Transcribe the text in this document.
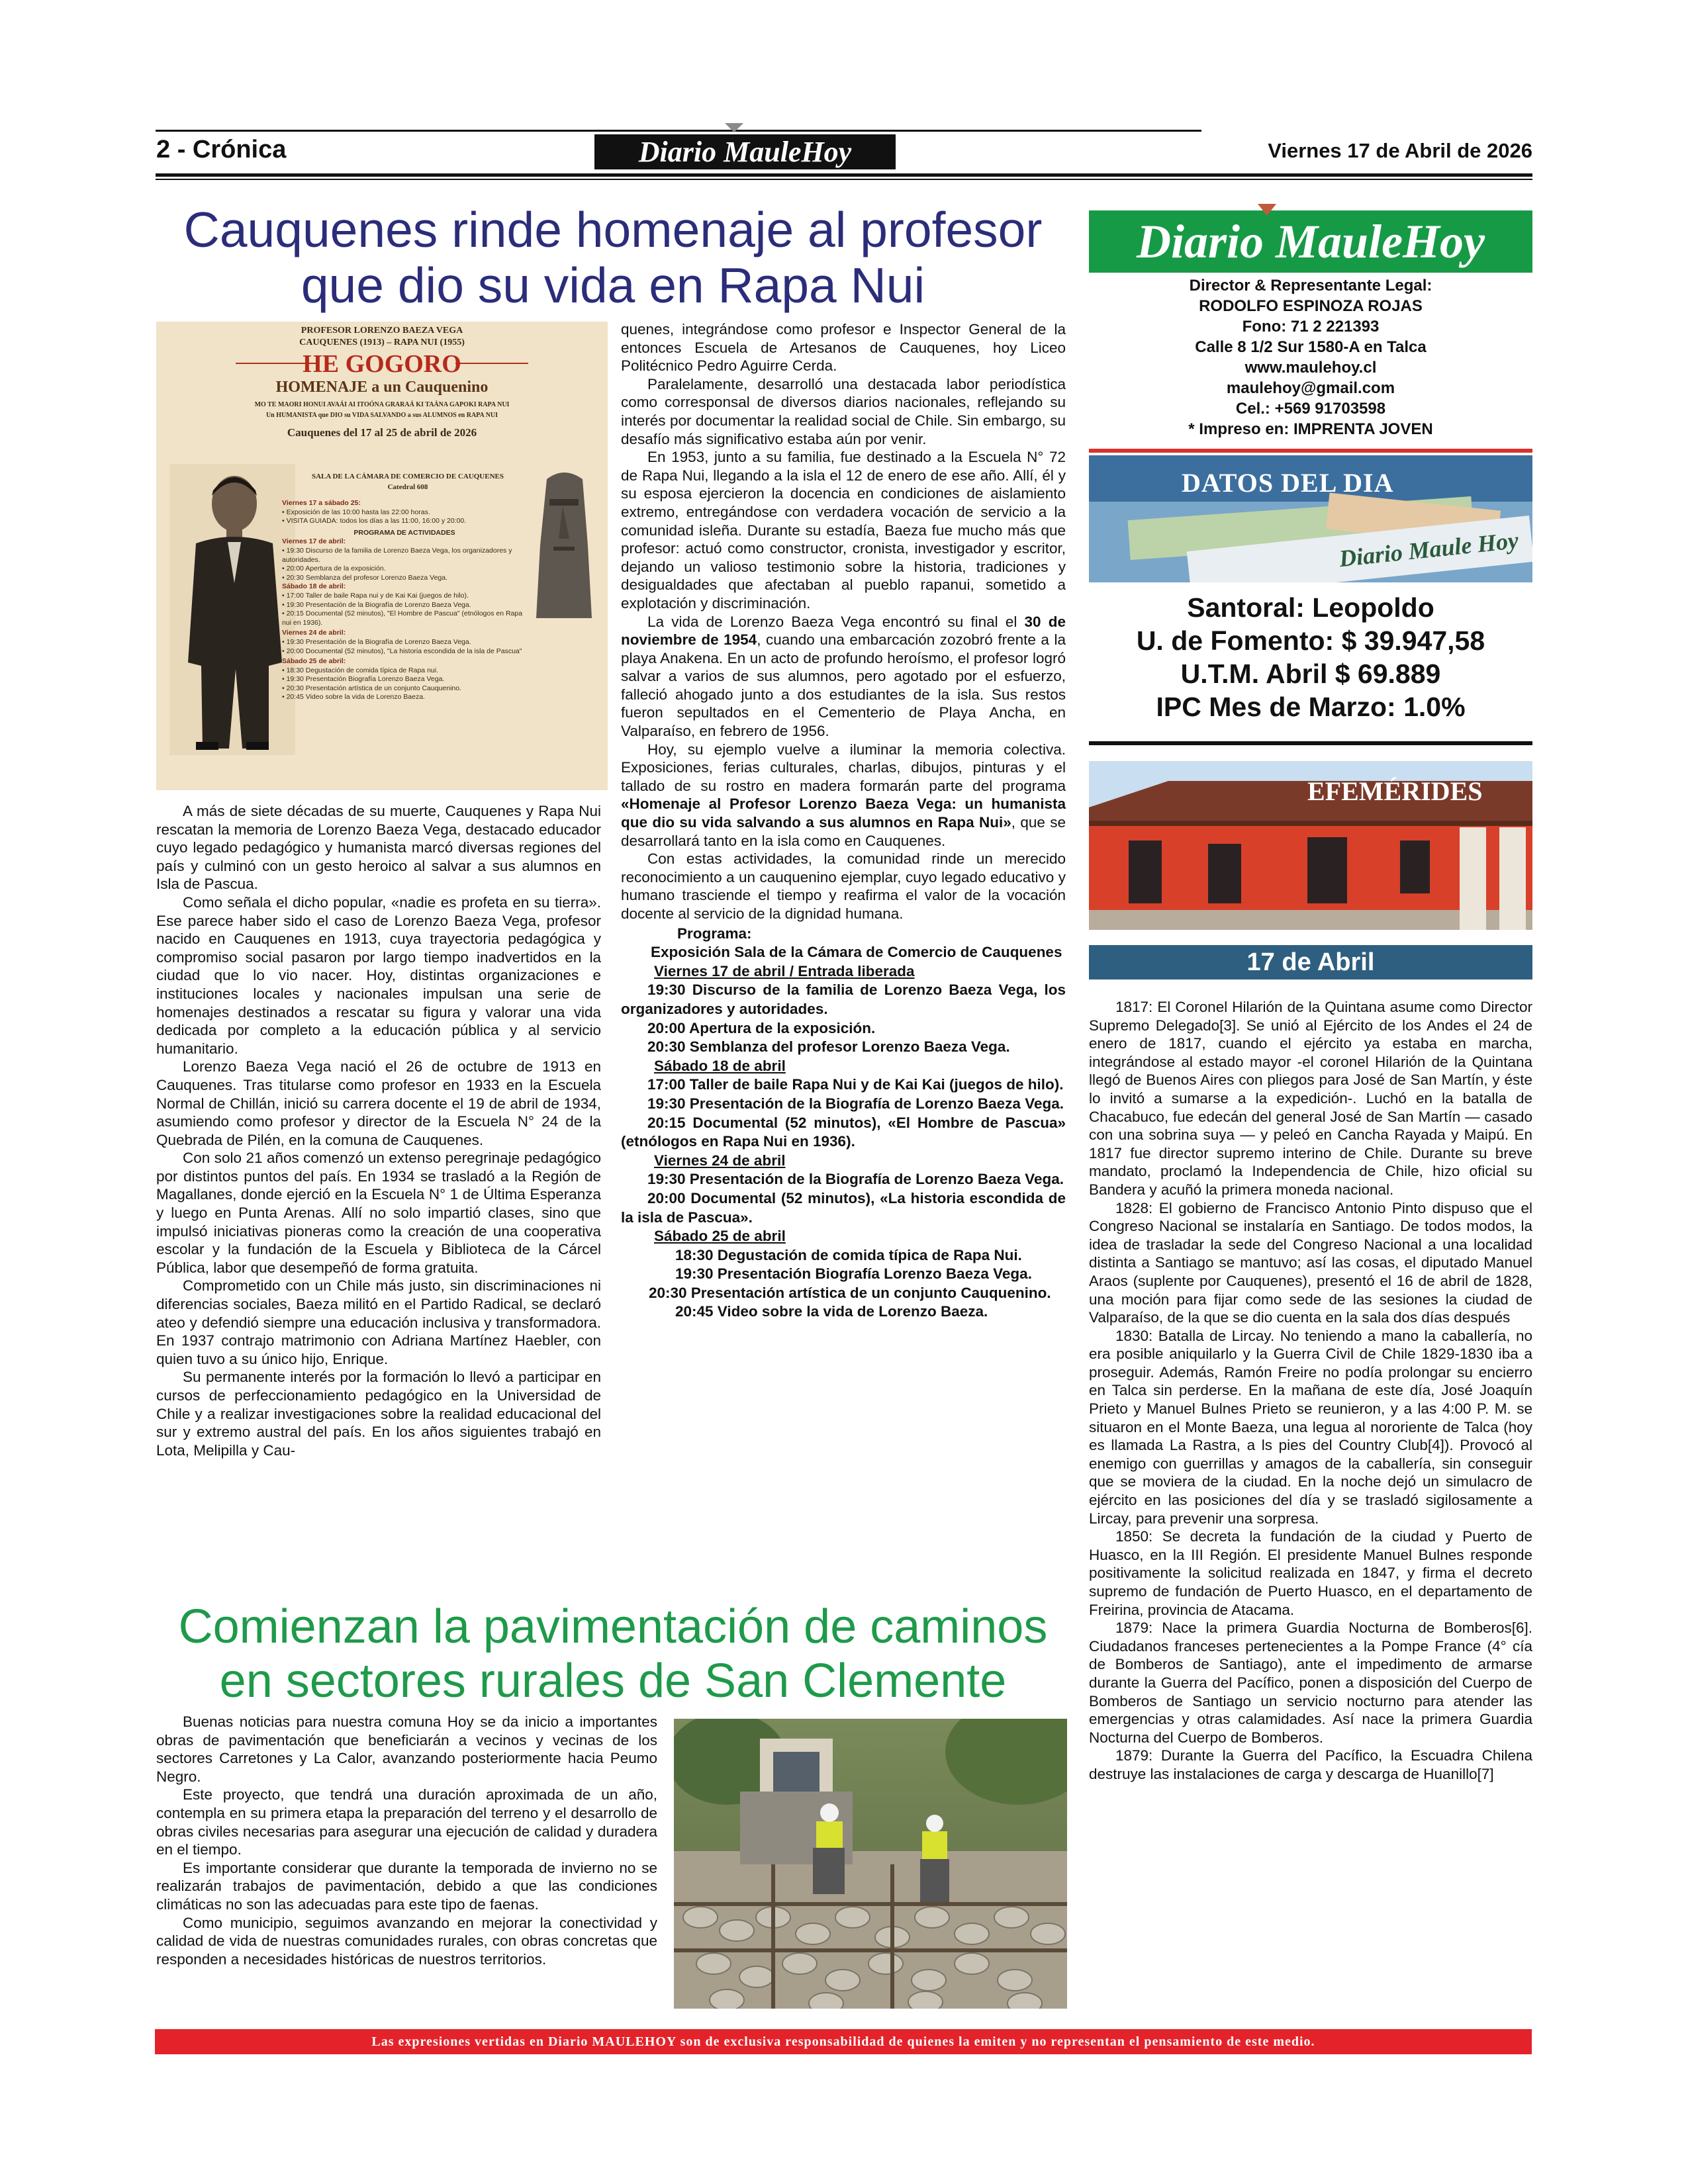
2 - Crónica	Diario MauleHoy	Viernes 17 de Abril de 2026
Cauquenes rinde homenaje al profesor que dio su vida en Rapa Nui
PROFESOR LORENZO BAEZA VEGA
CAUQUENES (1913) – RAPA NUI (1955)
HE GOGORO
HOMENAJE a un Cauquenino
MO TE MAORI HONUI AVAÁI AI ITOÓNA GRARAÁ KI TAÁNA GAPOKI RAPA NUI
Un HUMANISTA que DIO su VIDA SALVANDO a sus ALUMNOS en RAPA NUI
Cauquenes del 17 al 25 de abril de 2026
SALA DE LA CÁMARA DE COMERCIO DE CAUQUENES
Catedral 608
Viernes 17 a sábado 25:
• Exposición de las 10:00 hasta las 22:00 horas.
• VISITA GUIADA: todos los días a las 11:00, 16:00 y 20:00.
PROGRAMA DE ACTIVIDADES
Viernes 17 de abril:
• 19:30 Discurso de la familia de Lorenzo Baeza Vega, los organizadores y autoridades.
• 20:00 Apertura de la exposición.
• 20:30 Semblanza del profesor Lorenzo Baeza Vega.
Sábado 18 de abril:
• 17:00 Taller de baile Rapa nui y de Kai Kai (juegos de hilo).
• 19:30 Presentación de la Biografía de Lorenzo Baeza Vega.
• 20:15 Documental (52 minutos), "El Hombre de Pascua" (etnólogos en Rapa nui en 1936).
Viernes 24 de abril:
• 19:30 Presentación de la Biografía de Lorenzo Baeza Vega.
• 20:00 Documental (52 minutos), "La historia escondida de la isla de Pascua"
Sábado 25 de abril:
• 18:30 Degustación de comida típica de Rapa nui.
• 19:30 Presentación Biografía Lorenzo Baeza Vega.
• 20:30 Presentación artística de un conjunto Cauquenino.
• 20:45 Video sobre la vida de Lorenzo Baeza.

A más de siete décadas de su muerte, Cauquenes y Rapa Nui rescatan la memoria de Lorenzo Baeza Vega, destacado educador cuyo legado pedagógico y humanista marcó diversas regiones del país y culminó con un gesto heroico al salvar a sus alumnos en Isla de Pascua.

Como señala el dicho popular, «nadie es profeta en su tierra». Ese parece haber sido el caso de Lorenzo Baeza Vega, profesor nacido en Cauquenes en 1913, cuya trayectoria pedagógica y compromiso social pasaron por largo tiempo inadvertidos en la ciudad que lo vio nacer. Hoy, distintas organizaciones e instituciones locales y nacionales impulsan una serie de homenajes destinados a rescatar su figura y valorar una vida dedicada por completo a la educación pública y al servicio humanitario.

Lorenzo Baeza Vega nació el 26 de octubre de 1913 en Cauquenes. Tras titularse como profesor en 1933 en la Escuela Normal de Chillán, inició su carrera docente el 19 de abril de 1934, asumiendo como profesor y director de la Escuela N° 24 de la Quebrada de Pilén, en la comuna de Cauquenes.

Con solo 21 años comenzó un extenso peregrinaje pedagógico por distintos puntos del país. En 1934 se trasladó a la Región de Magallanes, donde ejerció en la Escuela N° 1 de Última Esperanza y luego en Punta Arenas. Allí no solo impartió clases, sino que impulsó iniciativas pioneras como la creación de una cooperativa escolar y la fundación de la Escuela y Biblioteca de la Cárcel Pública, labor que desempeñó de forma gratuita.

Comprometido con un Chile más justo, sin discriminaciones ni diferencias sociales, Baeza militó en el Partido Radical, se declaró ateo y defendió siempre una educación inclusiva y transformadora. En 1937 contrajo matrimonio con Adriana Martínez Haebler, con quien tuvo a su único hijo, Enrique.

Su permanente interés por la formación lo llevó a participar en cursos de perfeccionamiento pedagógico en la Universidad de Chile y a realizar investigaciones sobre la realidad educacional del sur y extremo austral del país. En los años siguientes trabajó en Lota, Melipilla y Cau-

quenes, integrándose como profesor e Inspector General de la entonces Escuela de Artesanos de Cauquenes, hoy Liceo Politécnico Pedro Aguirre Cerda.

Paralelamente, desarrolló una destacada labor periodística como corresponsal de diversos diarios nacionales, reflejando su interés por documentar la realidad social de Chile. Sin embargo, su desafío más significativo estaba aún por venir.

En 1953, junto a su familia, fue destinado a la Escuela N° 72 de Rapa Nui, llegando a la isla el 12 de enero de ese año. Allí, él y su esposa ejercieron la docencia en condiciones de aislamiento extremo, entregándose con verdadera vocación de servicio a la comunidad isleña. Durante su estadía, Baeza fue mucho más que profesor: actuó como constructor, cronista, investigador y escritor, dejando un valioso testimonio sobre la historia, tradiciones y desigualdades que afectaban al pueblo rapanui, sometido a explotación y discriminación.

La vida de Lorenzo Baeza Vega encontró su final el 30 de noviembre de 1954, cuando una embarcación zozobró frente a la playa Anakena. En un acto de profundo heroísmo, el profesor logró salvar a varios de sus alumnos, pero agotado por el esfuerzo, falleció ahogado junto a dos estudiantes de la isla. Sus restos fueron sepultados en el Cementerio de Playa Ancha, en Valparaíso, en febrero de 1956.

Hoy, su ejemplo vuelve a iluminar la memoria colectiva. Exposiciones, ferias culturales, charlas, dibujos, pinturas y el tallado de su rostro en madera formarán parte del programa «Homenaje al Profesor Lorenzo Baeza Vega: un humanista que dio su vida salvando a sus alumnos en Rapa Nui», que se desarrollará tanto en la isla como en Cauquenes.

Con estas actividades, la comunidad rinde un merecido reconocimiento a un cauquenino ejemplar, cuyo legado educativo y humano trasciende el tiempo y reafirma el valor de la vocación docente al servicio de la dignidad humana.

Programa:

Exposición Sala de la Cámara de Comercio de Cauquenes

Viernes 17 de abril / Entrada liberada

19:30 Discurso de la familia de Lorenzo Baeza Vega, los organizadores y autoridades.

20:00 Apertura de la exposición.

20:30 Semblanza del profesor Lorenzo Baeza Vega.

Sábado 18 de abril

17:00 Taller de baile Rapa Nui y de Kai Kai (juegos de hilo).

19:30 Presentación de la Biografía de Lorenzo Baeza Vega.

20:15 Documental (52 minutos), «El Hombre de Pascua» (etnólogos en Rapa Nui en 1936).

Viernes 24 de abril

19:30 Presentación de la Biografía de Lorenzo Baeza Vega.

20:00 Documental (52 minutos), «La historia escondida de la isla de Pascua».

Sábado 25 de abril

18:30 Degustación de comida típica de Rapa Nui.

19:30 Presentación Biografía Lorenzo Baeza Vega.

20:30 Presentación artística de un conjunto Cauquenino.

20:45 Video sobre la vida de Lorenzo Baeza.

Comienzan la pavimentación de caminos en sectores rurales de San Clemente

Buenas noticias para nuestra comuna Hoy se da inicio a importantes obras de pavimentación que beneficiarán a vecinos y vecinas de los sectores Carretones y La Calor, avanzando posteriormente hacia Peumo Negro.

Este proyecto, que tendrá una duración aproximada de un año, contempla en su primera etapa la preparación del terreno y el desarrollo de obras civiles necesarias para asegurar una ejecución de calidad y duradera en el tiempo.

Es importante considerar que durante la temporada de invierno no se realizarán trabajos de pavimentación, debido a que las condiciones climáticas no son las adecuadas para este tipo de faenas.

Como municipio, seguimos avanzando en mejorar la conectividad y calidad de vida de nuestras comunidades rurales, con obras concretas que responden a necesidades históricas de nuestros territorios.

Diario MauleHoy
Director & Representante Legal:
RODOLFO ESPINOZA ROJAS
Fono: 71 2 221393
Calle 8 1/2 Sur 1580-A en Talca
www.maulehoy.cl
maulehoy@gmail.com
Cel.: +569 91703598
* Impreso en: IMPRENTA JOVEN
DATOS DEL DIA
Diario Maule Hoy
Santoral: Leopoldo
U. de Fomento: $ 39.947,58
U.T.M. Abril $ 69.889
IPC Mes de Marzo: 1.0%
EFEMÉRIDES
17 de Abril

1817: El Coronel Hilarión de la Quintana asume como Director Supremo Delegado[3]. Se unió al Ejército de los Andes el 24 de enero de 1817, cuando el ejército ya estaba en marcha, integrándose al estado mayor -el coronel Hilarión de la Quintana llegó de Buenos Aires con pliegos para José de San Martín, y éste lo invitó a sumarse a la expedición-. Luchó en la batalla de Chacabuco, fue edecán del general José de San Martín — casado con una sobrina suya — y peleó en Cancha Rayada y Maipú. En 1817 fue director supremo interino de Chile. Durante su breve mandato, proclamó la Independencia de Chile, hizo oficial su Bandera y acuñó la primera moneda nacional.

1828: El gobierno de Francisco Antonio Pinto dispuso que el Congreso Nacional se instalaría en Santiago. De todos modos, la idea de trasladar la sede del Congreso Nacional a una localidad distinta a Santiago se mantuvo; así las cosas, el diputado Manuel Araos (suplente por Cauquenes), presentó el 16 de abril de 1828, una moción para fijar como sede de las sesiones la ciudad de Valparaíso, de la que se dio cuenta en la sala dos días después

1830: Batalla de Lircay. No teniendo a mano la caballería, no era posible aniquilarlo y la Guerra Civil de Chile 1829-1830 iba a proseguir. Además, Ramón Freire no podía prolongar su encierro en Talca sin perderse. En la mañana de este día, José Joaquín Prieto y Manuel Bulnes Prieto se reunieron, y a las 4:00 P. M. se situaron en el Monte Baeza, una legua al nororiente de Talca (hoy es llamada La Rastra, a ls pies del Country Club[4]). Provocó al enemigo con guerrillas y amagos de la caballería, sin conseguir que se moviera de la ciudad. En la noche dejó un simulacro de ejército en las posiciones del día y se trasladó sigilosamente a Lircay, para prevenir una sorpresa.

1850: Se decreta la fundación de la ciudad y Puerto de Huasco, en la III Región. El presidente Manuel Bulnes responde positivamente la solicitud realizada en 1847, y firma el decreto supremo de fundación de Puerto Huasco, en el departamento de Freirina, provincia de Atacama.

1879: Nace la primera Guardia Nocturna de Bomberos[6]. Ciudadanos franceses pertenecientes a la Pompe France (4° cía de Bomberos de Santiago), ante el impedimento de armarse durante la Guerra del Pacífico, ponen a disposición del Cuerpo de Bomberos de Santiago un servicio nocturno para atender las emergencias y otras calamidades. Así nace la primera Guardia Nocturna del Cuerpo de Bomberos.

1879: Durante la Guerra del Pacífico, la Escuadra Chilena destruye las instalaciones de carga y descarga de Huanillo[7]

Las expresiones vertidas en Diario MAULEHOY son de exclusiva responsabilidad de quienes la emiten y no representan el pensamiento de este medio.
